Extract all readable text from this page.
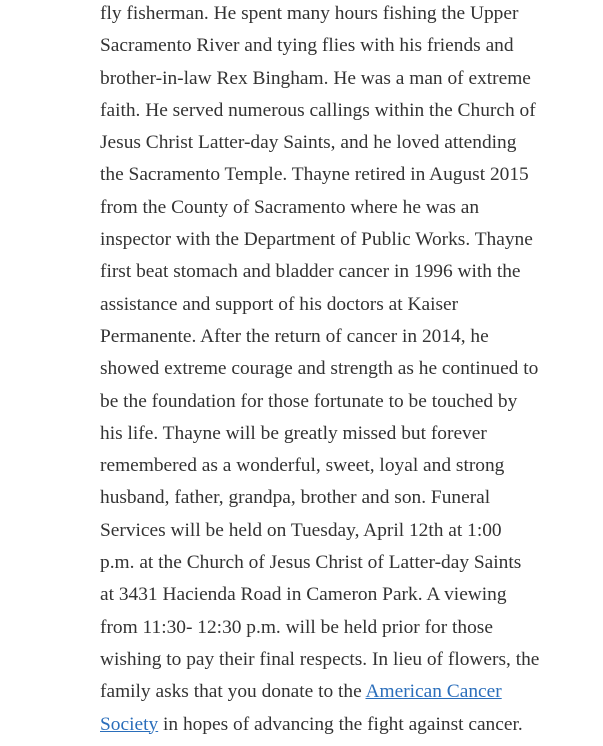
fly fisherman. He spent many hours fishing the Upper
Sacramento River and tying flies with his friends and
brother-in-law Rex Bingham. He was a man of extreme
faith. He served numerous callings within the Church of
Jesus Christ Latter-day Saints, and he loved attending
the Sacramento Temple. Thayne retired in August 2015
from the County of Sacramento where he was an
inspector with the Department of Public Works. Thayne
first beat stomach and bladder cancer in 1996 with the
assistance and support of his doctors at Kaiser
Permanente. After the return of cancer in 2014, he
showed extreme courage and strength as he continued to
be the foundation for those fortunate to be touched by
his life. Thayne will be greatly missed but forever
remembered as a wonderful, sweet, loyal and strong
husband, father, grandpa, brother and son. Funeral
Services will be held on Tuesday, April 12th at 1:00
p.m. at the Church of Jesus Christ of Latter-day Saints
at 3431 Hacienda Road in Cameron Park. A viewing
from 11:30- 12:30 p.m. will be held prior for those
wishing to pay their final respects. In lieu of flowers, the
family asks that you donate to the American Cancer
Society in hopes of advancing the fight against cancer.
